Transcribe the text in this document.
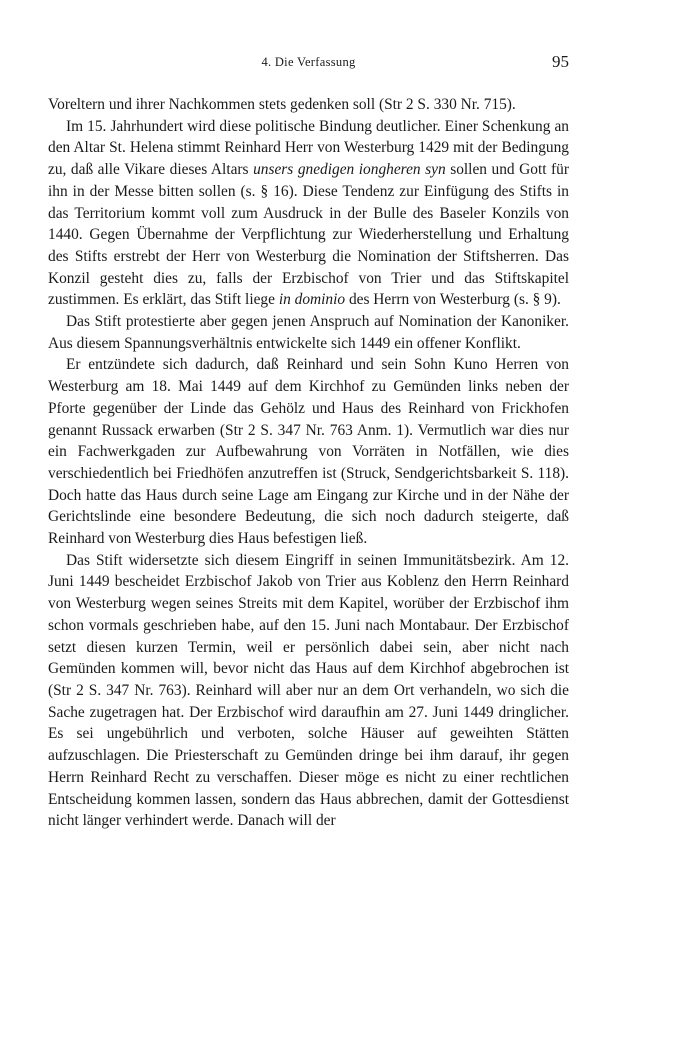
4. Die Verfassung	95

Voreltern und ihrer Nachkommen stets gedenken soll (Str 2 S. 330 Nr. 715).

Im 15. Jahrhundert wird diese politische Bindung deutlicher. Einer Schenkung an den Altar St. Helena stimmt Reinhard Herr von Westerburg 1429 mit der Bedingung zu, daß alle Vikare dieses Altars unsers gnedigen iongheren syn sollen und Gott für ihn in der Messe bitten sollen (s. § 16). Diese Tendenz zur Einfügung des Stifts in das Territorium kommt voll zum Ausdruck in der Bulle des Baseler Konzils von 1440. Gegen Übernahme der Verpflichtung zur Wiederherstellung und Erhaltung des Stifts erstrebt der Herr von Westerburg die Nomination der Stiftsherren. Das Konzil gesteht dies zu, falls der Erzbischof von Trier und das Stiftskapitel zustimmen. Es erklärt, das Stift liege in dominio des Herrn von Westerburg (s. § 9).

Das Stift protestierte aber gegen jenen Anspruch auf Nomination der Kanoniker. Aus diesem Spannungsverhältnis entwickelte sich 1449 ein offener Konflikt.

Er entzündete sich dadurch, daß Reinhard und sein Sohn Kuno Herren von Westerburg am 18. Mai 1449 auf dem Kirchhof zu Gemünden links neben der Pforte gegenüber der Linde das Gehölz und Haus des Reinhard von Frickhofen genannt Russack erwarben (Str 2 S. 347 Nr. 763 Anm. 1). Vermutlich war dies nur ein Fachwerkgaden zur Aufbewahrung von Vorräten in Notfällen, wie dies verschiedentlich bei Friedhöfen anzutreffen ist (Struck, Sendgerichtsbarkeit S. 118). Doch hatte das Haus durch seine Lage am Eingang zur Kirche und in der Nähe der Gerichtslinde eine besondere Bedeutung, die sich noch dadurch steigerte, daß Reinhard von Westerburg dies Haus befestigen ließ.

Das Stift widersetzte sich diesem Eingriff in seinen Immunitätsbezirk. Am 12. Juni 1449 bescheidet Erzbischof Jakob von Trier aus Koblenz den Herrn Reinhard von Westerburg wegen seines Streits mit dem Kapitel, worüber der Erzbischof ihm schon vormals geschrieben habe, auf den 15. Juni nach Montabaur. Der Erzbischof setzt diesen kurzen Termin, weil er persönlich dabei sein, aber nicht nach Gemünden kommen will, bevor nicht das Haus auf dem Kirchhof abgebrochen ist (Str 2 S. 347 Nr. 763). Reinhard will aber nur an dem Ort verhandeln, wo sich die Sache zugetragen hat. Der Erzbischof wird daraufhin am 27. Juni 1449 dringlicher. Es sei ungebührlich und verboten, solche Häuser auf geweihten Stätten aufzuschlagen. Die Priesterschaft zu Gemünden dringe bei ihm darauf, ihr gegen Herrn Reinhard Recht zu verschaffen. Dieser möge es nicht zu einer rechtlichen Entscheidung kommen lassen, sondern das Haus abbrechen, damit der Gottesdienst nicht länger verhindert werde. Danach will der
